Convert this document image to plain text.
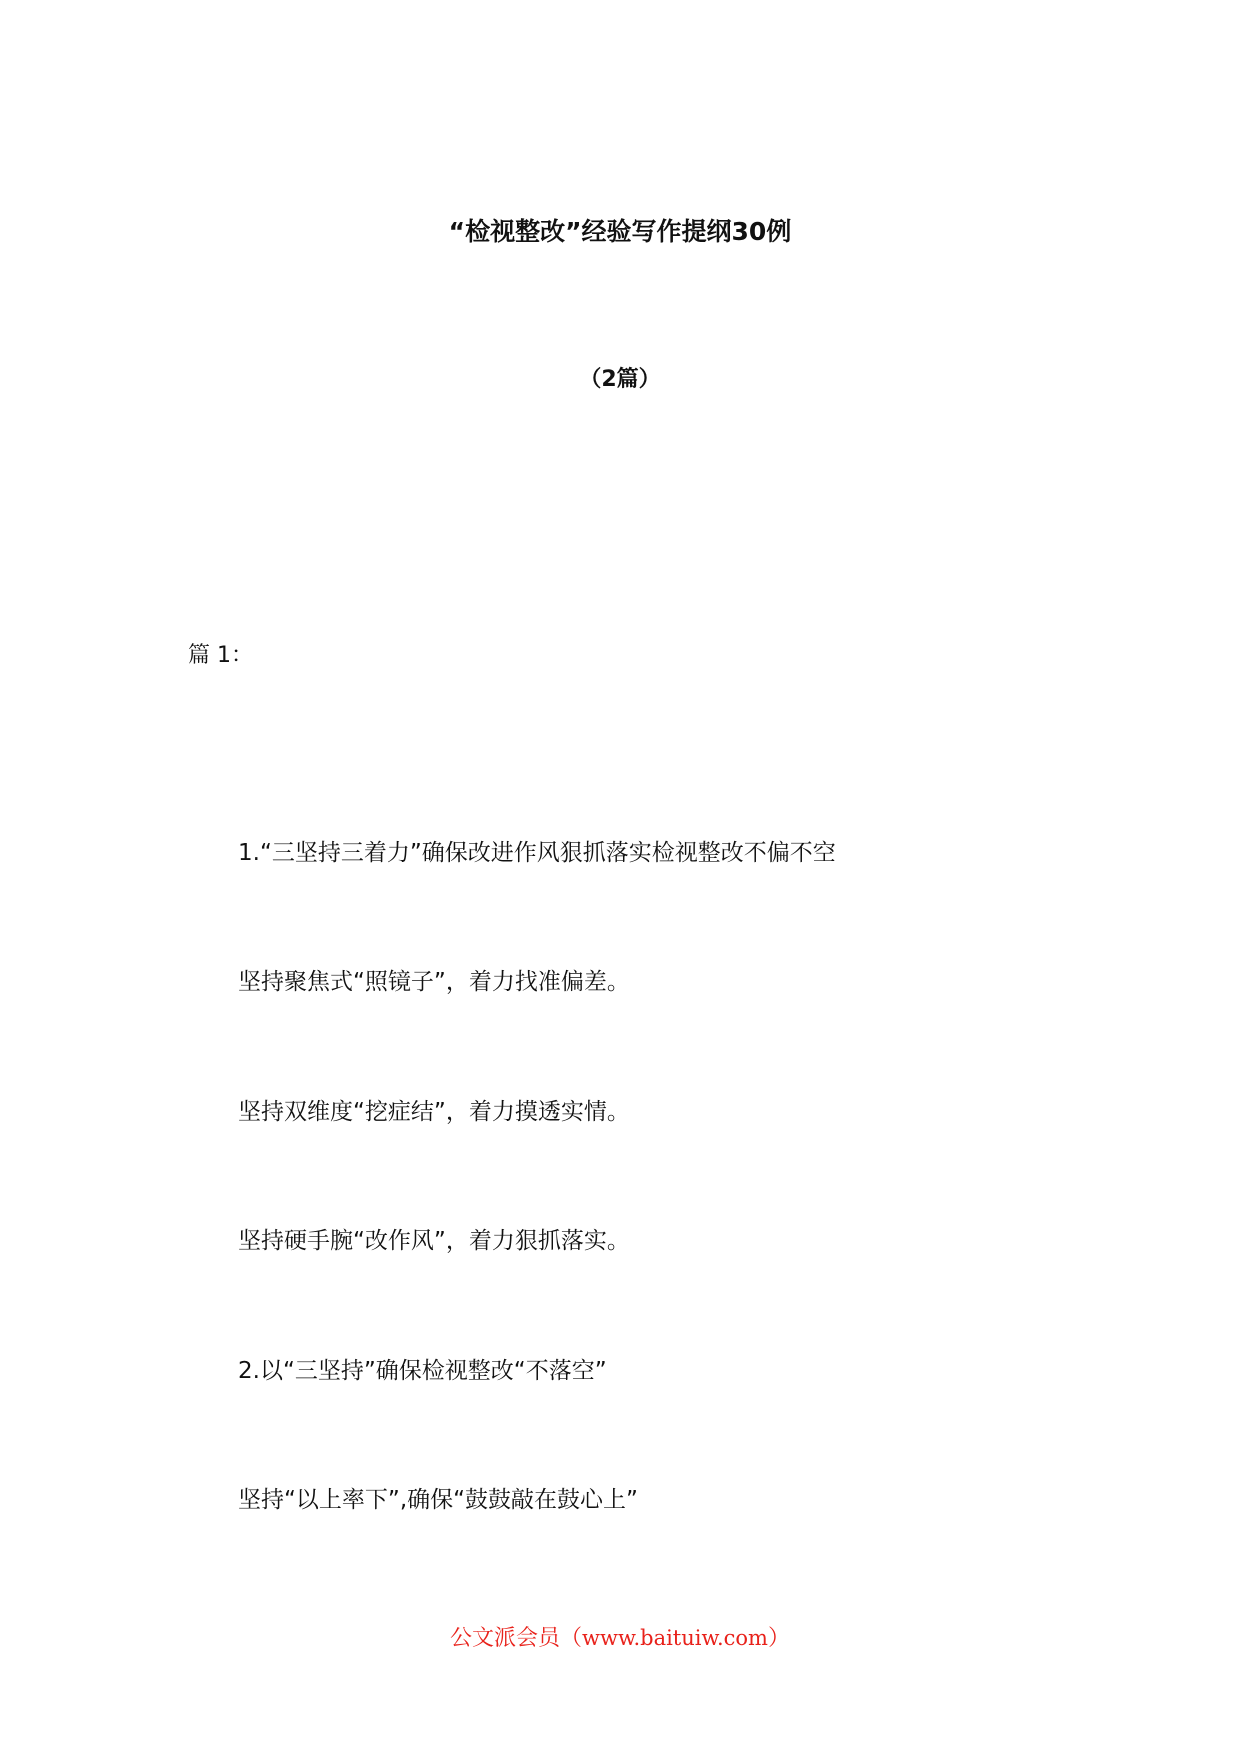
“检视整改”经验写作提纲30例
（2篇）
篇 1：
1.“三坚持三着力”确保改进作风狠抓落实检视整改不偏不空
坚持聚焦式“照镜子”，着力找准偏差。
坚持双维度“挖症结”，着力摸透实情。
坚持硬手腕“改作风”，着力狠抓落实。
2.以“三坚持”确保检视整改“不落空”
坚持“以上率下”,确保“鼓鼓敲在鼓心上”
公文派会员（www.baituiw.com）
